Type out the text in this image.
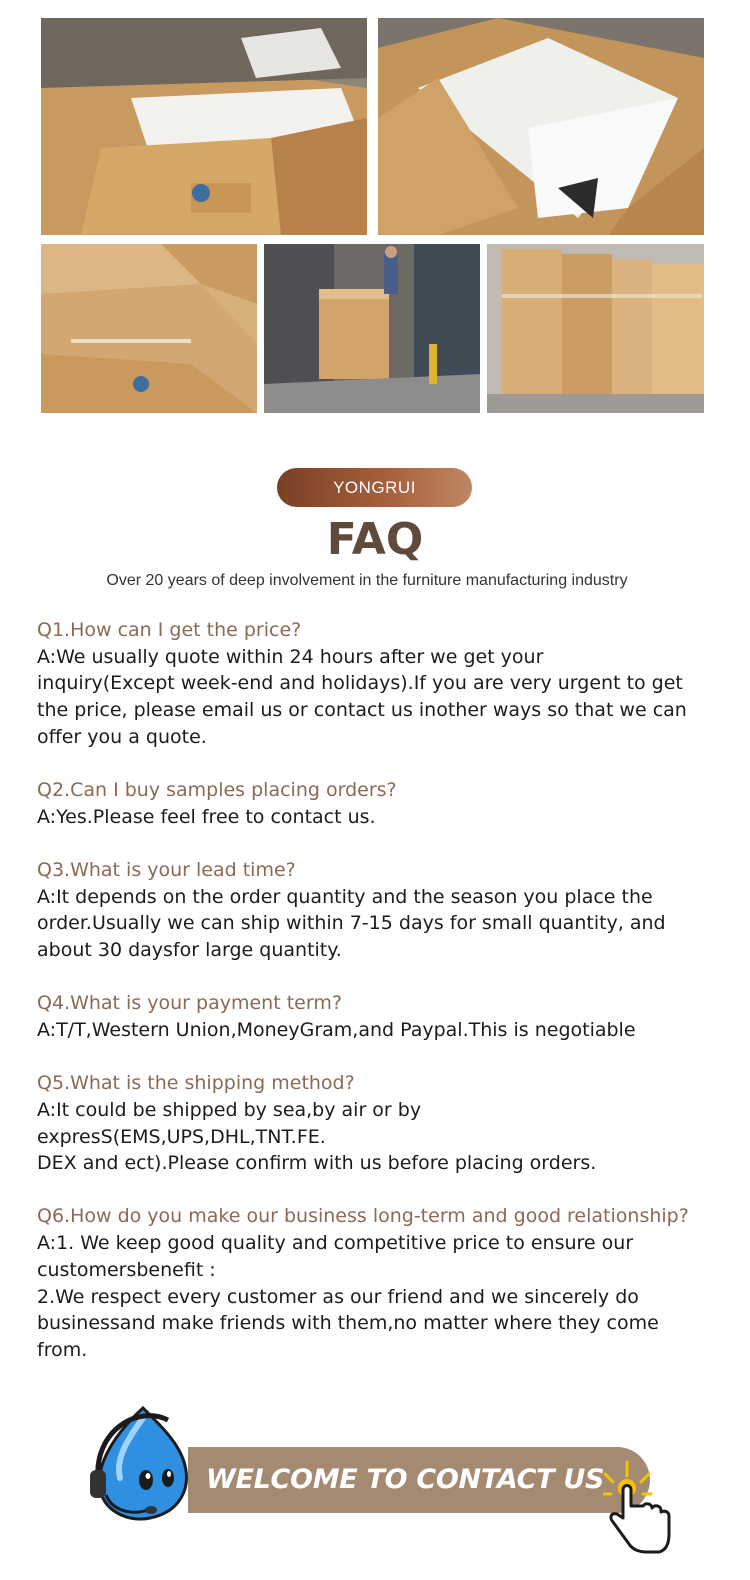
YONGRUI
FAQ
Over 20 years of deep involvement in the furniture manufacturing industry
Q1.How can I get the price?
A:We usually quote within 24 hours after we get your
inquiry(Except week-end and holidays).If you are very urgent to get
the price, please email us or contact us inother ways so that we can
offer you a quote.
Q2.Can I buy samples placing orders?
A:Yes.Please feel free to contact us.
Q3.What is your lead time?
A:It depends on the order quantity and the season you place the
order.Usually we can ship within 7-15 days for small quantity, and
about 30 daysfor large quantity.
Q4.What is your payment term?
A:T/T,Western Union,MoneyGram,and Paypal.This is negotiable
Q5.What is the shipping method?
A:It could be shipped by sea,by air or by
expresS(EMS,UPS,DHL,TNT.FE.
DEX and ect).Please confirm with us before placing orders.
Q6.How do you make our business long-term and good relationship?
A:1. We keep good quality and competitive price to ensure our
customersbenefit :
2.We respect every customer as our friend and we sincerely do
businessand make friends with them,no matter where they come
from.
WELCOME TO CONTACT US
